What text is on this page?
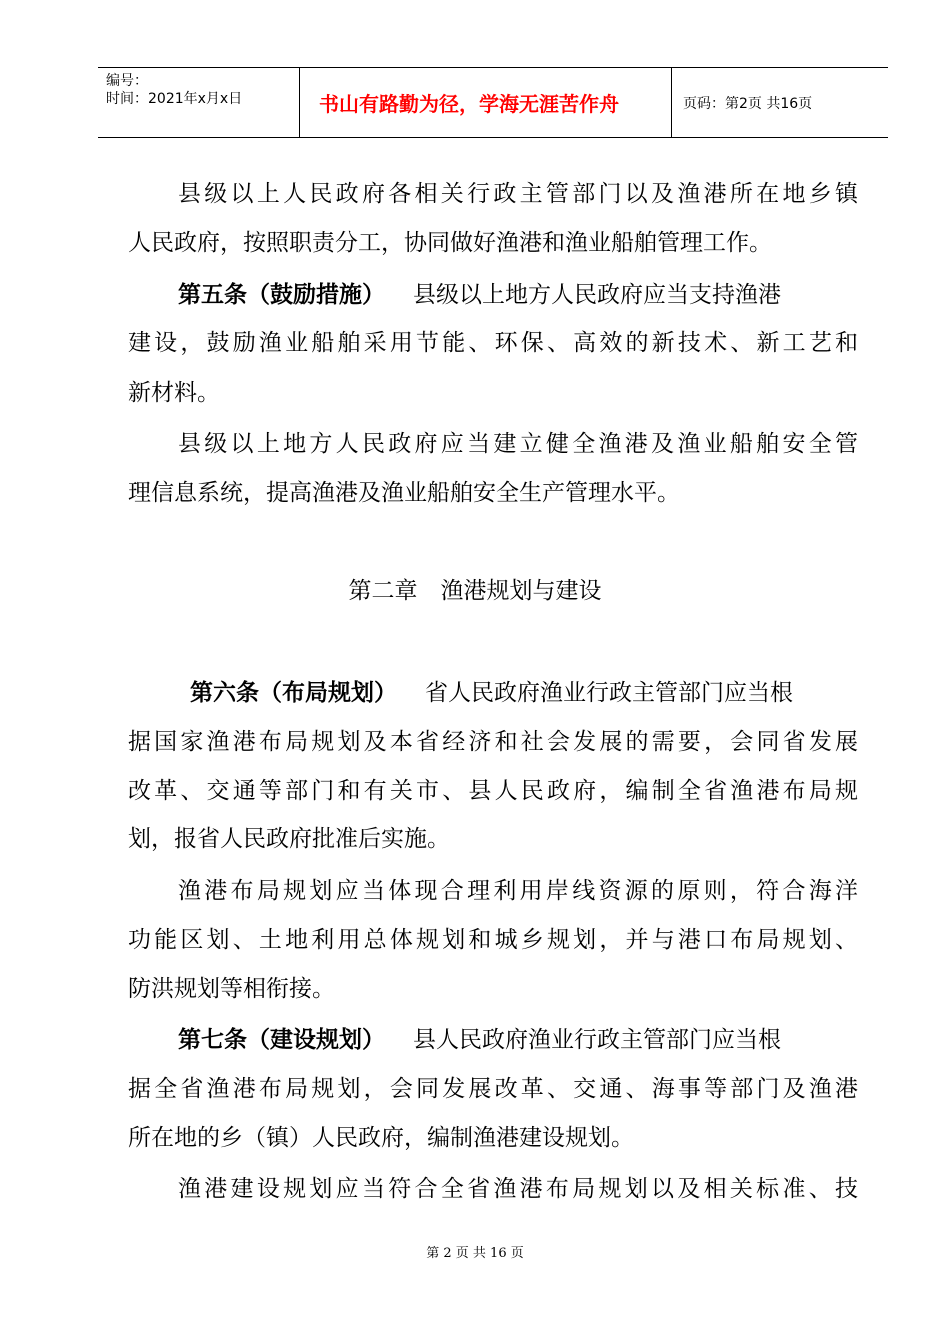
编号：
时间：2021年x月x日	书山有路勤为径，学海无涯苦作舟	页码：第2页 共16页
县级以上人民政府各相关行政主管部门以及渔港所在地乡镇
人民政府，按照职责分工，协同做好渔港和渔业船舶管理工作。
第五条（鼓励措施） 县级以上地方人民政府应当支持渔港
建设，鼓励渔业船舶采用节能、环保、高效的新技术、新工艺和
新材料。
县级以上地方人民政府应当建立健全渔港及渔业船舶安全管
理信息系统，提高渔港及渔业船舶安全生产管理水平。
第二章　渔港规划与建设
第六条（布局规划） 省人民政府渔业行政主管部门应当根
据国家渔港布局规划及本省经济和社会发展的需要，会同省发展
改革、交通等部门和有关市、县人民政府，编制全省渔港布局规
划，报省人民政府批准后实施。
渔港布局规划应当体现合理利用岸线资源的原则，符合海洋
功能区划、土地利用总体规划和城乡规划，并与港口布局规划、
防洪规划等相衔接。
第七条（建设规划） 县人民政府渔业行政主管部门应当根
据全省渔港布局规划，会同发展改革、交通、海事等部门及渔港
所在地的乡（镇）人民政府，编制渔港建设规划。
渔港建设规划应当符合全省渔港布局规划以及相关标准、技
第 2 页 共 16 页
